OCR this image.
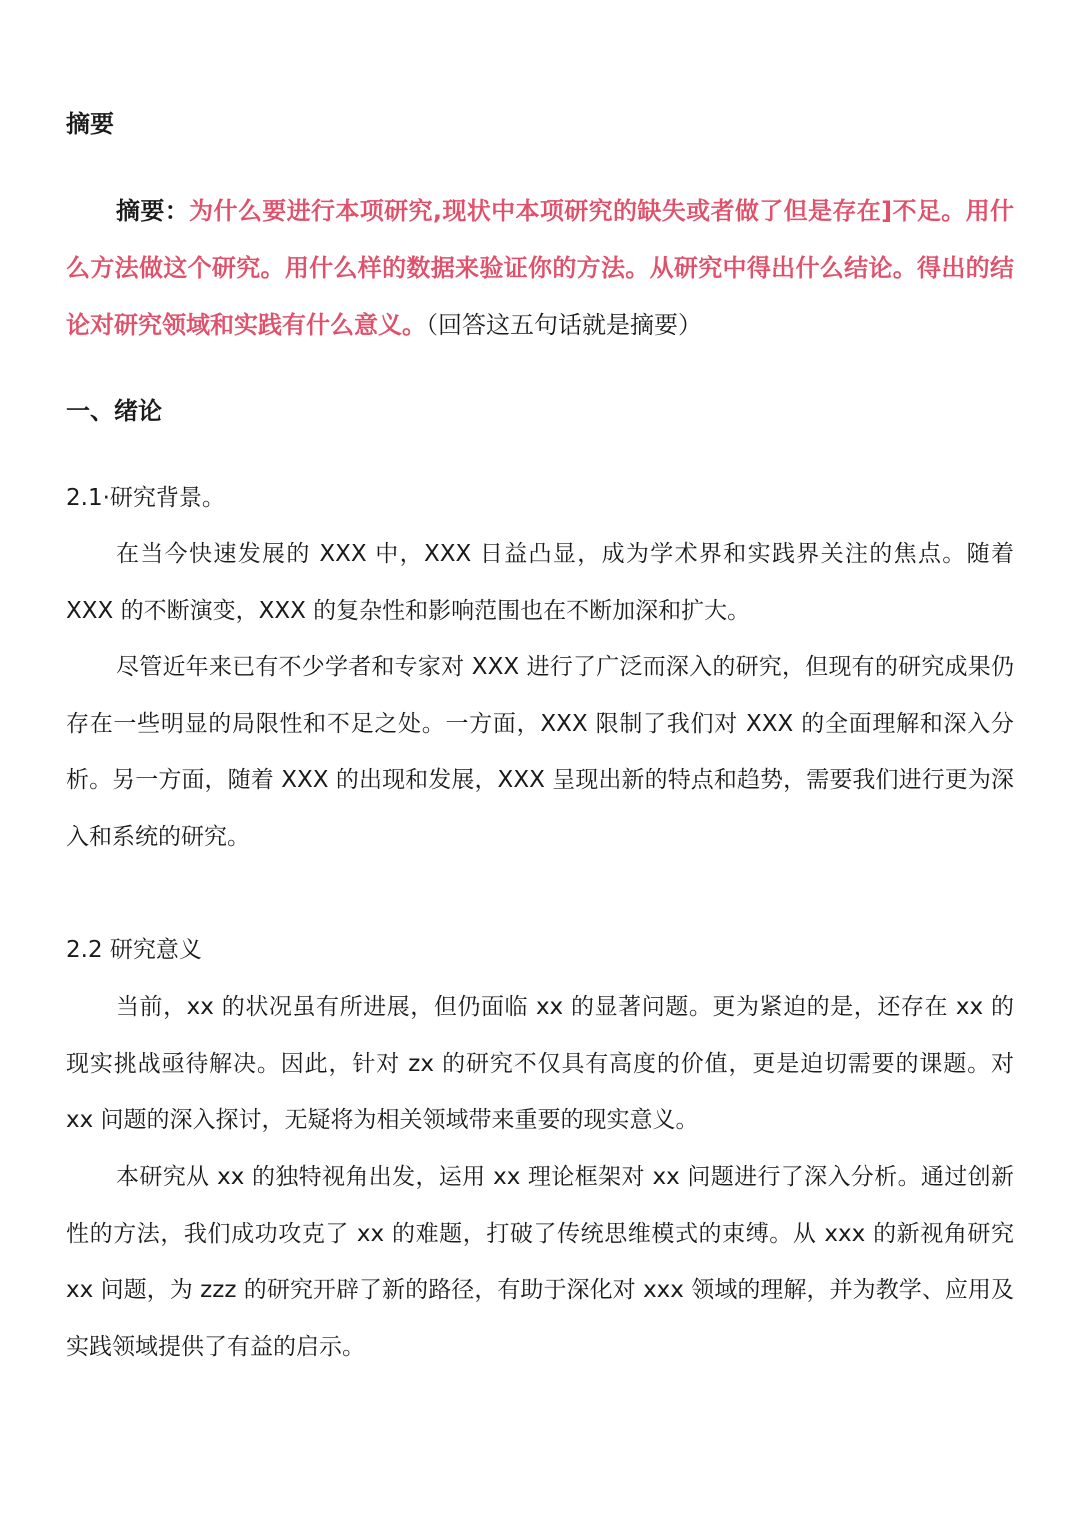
摘要
摘要：为什么要进行本项研究,现状中本项研究的缺失或者做了但是存在]不足。用什么方法做这个研究。用什么样的数据来验证你的方法。从研究中得出什么结论。得出的结论对研究领域和实践有什么意义。（回答这五句话就是摘要）
一、绪论
2.1·研究背景。
在当今快速发展的 XXX 中，XXX 日益凸显，成为学术界和实践界关注的焦点。随着 XXX 的不断演变，XXX 的复杂性和影响范围也在不断加深和扩大。
尽管近年来已有不少学者和专家对 XXX 进行了广泛而深入的研究，但现有的研究成果仍存在一些明显的局限性和不足之处。一方面，XXX 限制了我们对 XXX 的全面理解和深入分析。另一方面，随着 XXX 的出现和发展，XXX 呈现出新的特点和趋势，需要我们进行更为深入和系统的研究。
2.2 研究意义
当前，xx 的状况虽有所进展，但仍面临 xx 的显著问题。更为紧迫的是，还存在 xx 的现实挑战亟待解决。因此，针对 zx 的研究不仅具有高度的价值，更是迫切需要的课题。对 xx 问题的深入探讨，无疑将为相关领域带来重要的现实意义。
本研究从 xx 的独特视角出发，运用 xx 理论框架对 xx 问题进行了深入分析。通过创新性的方法，我们成功攻克了 xx 的难题，打破了传统思维模式的束缚。从 xxx 的新视角研究 xx 问题，为 zzz 的研究开辟了新的路径，有助于深化对 xxx 领域的理解，并为教学、应用及实践领域提供了有益的启示。
